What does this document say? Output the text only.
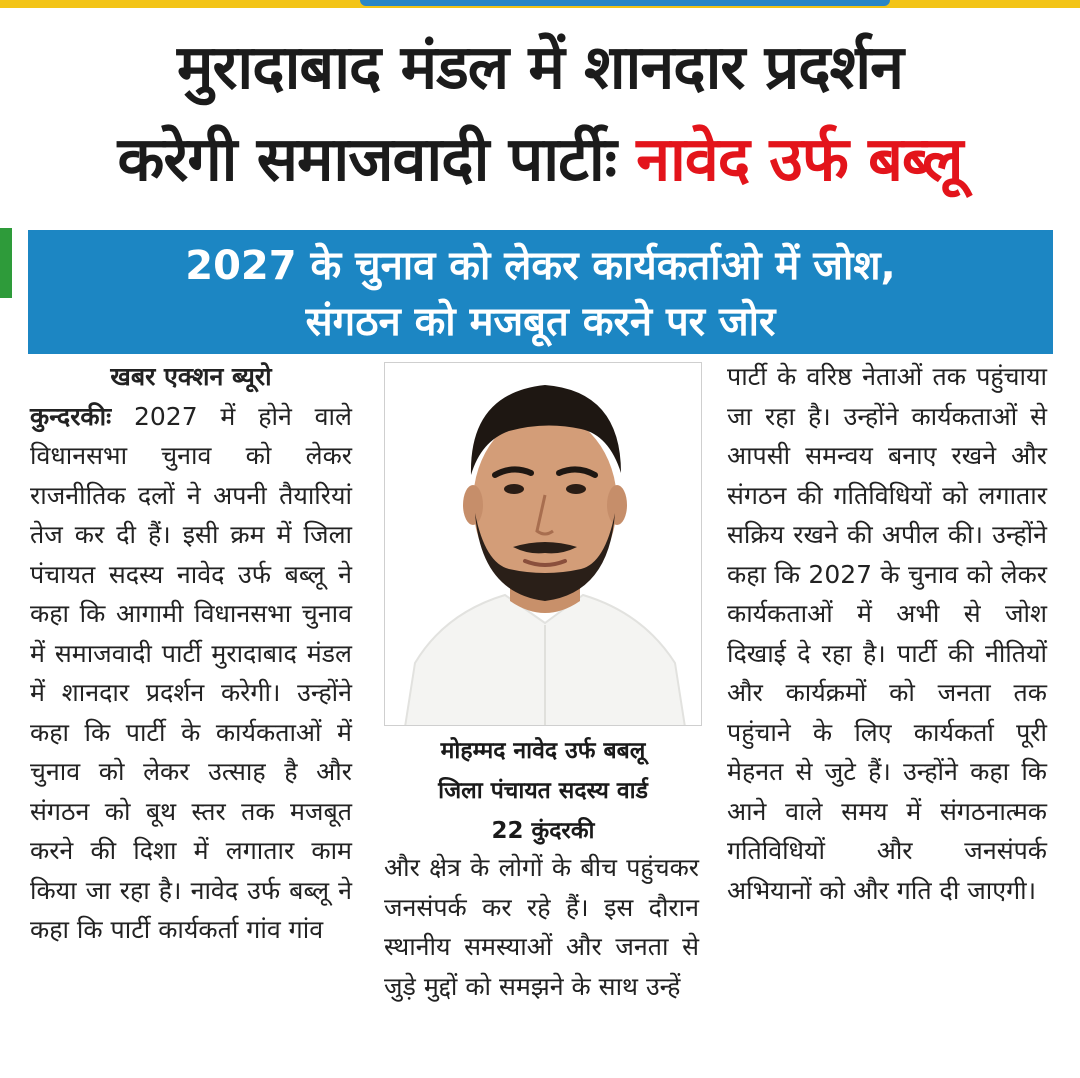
मुरादाबाद मंडल में शानदार प्रदर्शन
करेगी समाजवादी पार्टीः नावेद उर्फ बब्लू
2027 के चुनाव को लेकर कार्यकर्ताओ में जोश,
संगठन को मजबूत करने पर जोर

खबर एक्शन ब्यूरो

कुन्दरकीः 2027 में होने वाले विधानसभा चुनाव को लेकर राजनीतिक दलों ने अपनी तैयारियां तेज कर दी हैं। इसी क्रम में जिला पंचायत सदस्य नावेद उर्फ बब्लू ने कहा कि आगामी विधानसभा चुनाव में समाजवादी पार्टी मुरादाबाद मंडल में शानदार प्रदर्शन करेगी। उन्होंने कहा कि पार्टी के कार्यकताओं में चुनाव को लेकर उत्साह है और संगठन को बूथ स्तर तक मजबूत करने की दिशा में लगातार काम किया जा रहा है। नावेद उर्फ बब्लू ने कहा कि पार्टी कार्यकर्ता गांव गांव

मोहम्मद नावेद उर्फ बबलू
जिला पंचायत सदस्य वार्ड
22 कुंदरकी

और क्षेत्र के लोगों के बीच पहुंचकर जनसंपर्क कर रहे हैं। इस दौरान स्थानीय समस्याओं और जनता से जुड़े मुद्दों को समझने के साथ उन्हें

पार्टी के वरिष्ठ नेताओं तक पहुंचाया जा रहा है। उन्होंने कार्यकताओं से आपसी समन्वय बनाए रखने और संगठन की गतिविधियों को लगातार सक्रिय रखने की अपील की। उन्होंने कहा कि 2027 के चुनाव को लेकर कार्यकताओं में अभी से जोश दिखाई दे रहा है। पार्टी की नीतियों और कार्यक्रमों को जनता तक पहुंचाने के लिए कार्यकर्ता पूरी मेहनत से जुटे हैं। उन्होंने कहा कि आने वाले समय में संगठनात्मक गतिविधियों और जनसंपर्क अभियानों को और गति दी जाएगी।
